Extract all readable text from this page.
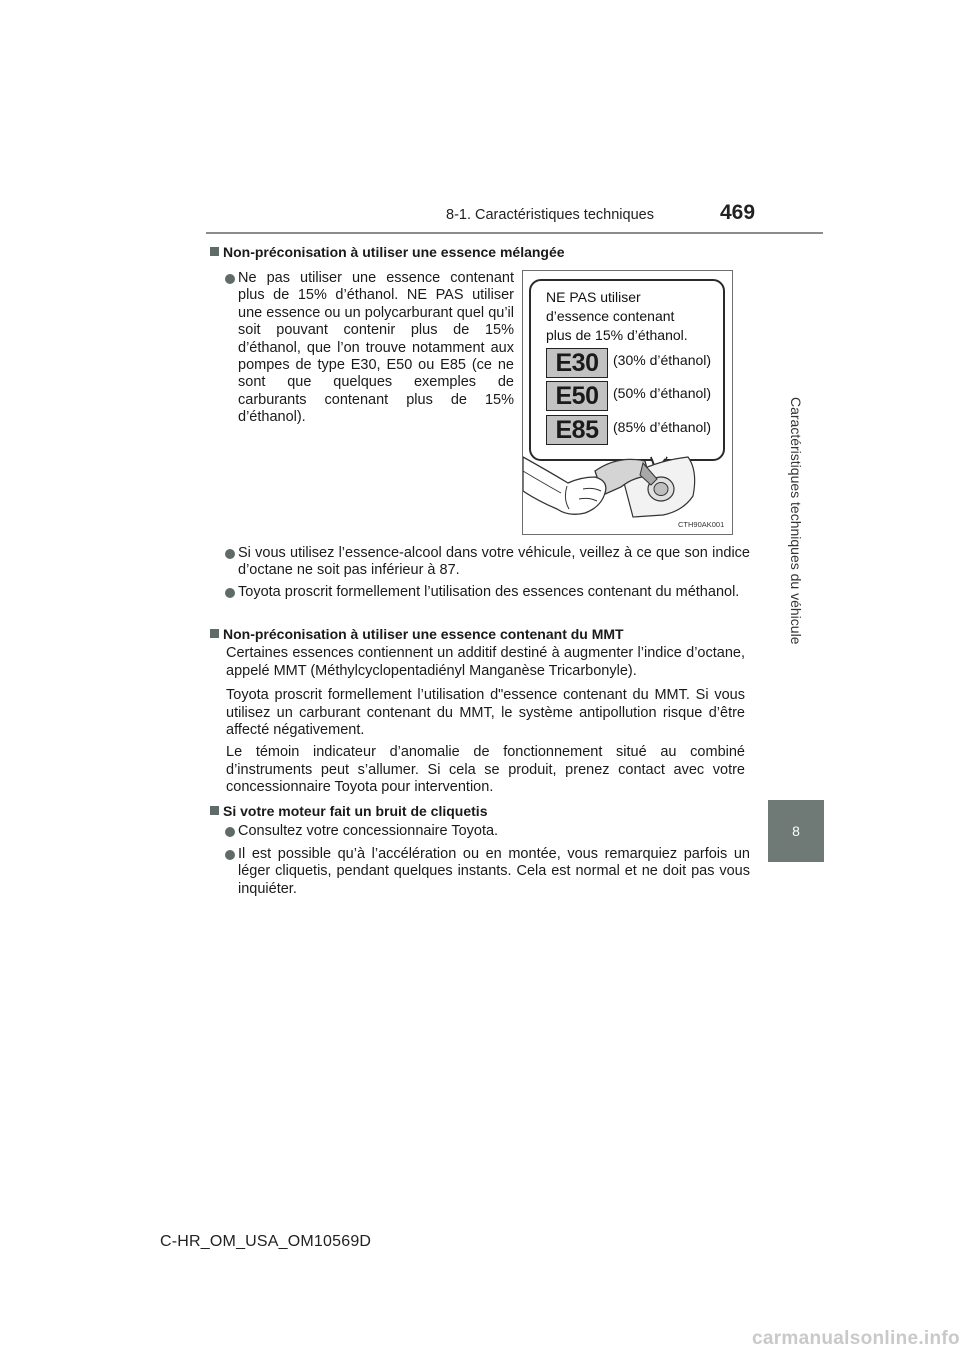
8-1. Caractéristiques techniques	469
Caractéristiques techniques du véhicule
8
Non-préconisation à utiliser une essence mélangée
Ne pas utiliser une essence contenant plus de 15% d’éthanol. NE PAS utiliser une essence ou un polycarburant quel qu’il soit pouvant contenir plus de 15% d’éthanol, que l’on trouve notamment aux pompes de type E30, E50 ou E85 (ce ne sont que quelques exemples de carburants contenant plus de 15% d’éthanol).
NE PAS utiliser
d’essence contenant
plus de 15% d’éthanol.
E30	(30% d’éthanol)
E50	(50% d’éthanol)
E85	(85% d’éthanol)
CTH90AK001
Si vous utilisez l’essence-alcool dans votre véhicule, veillez à ce que son indice d’octane ne soit pas inférieur à 87.
Toyota proscrit formellement l’utilisation des essences contenant du méthanol.
Non-préconisation à utiliser une essence contenant du MMT
Certaines essences contiennent un additif destiné à augmenter l’indice d’octane, appelé MMT (Méthylcyclopentadiényl Manganèse Tricarbonyle).
Toyota proscrit formellement l’utilisation d"essence contenant du MMT. Si vous utilisez un carburant contenant du MMT, le système antipollution risque d’être affecté négativement.
Le témoin indicateur d’anomalie de fonctionnement situé au combiné d’instruments peut s’allumer. Si cela se produit, prenez contact avec votre concessionnaire Toyota pour intervention.
Si votre moteur fait un bruit de cliquetis
Consultez votre concessionnaire Toyota.
Il est possible qu’à l’accélération ou en montée, vous remarquiez parfois un léger cliquetis, pendant quelques instants. Cela est normal et ne doit pas vous inquiéter.
C-HR_OM_USA_OM10569D
carmanualsonline.info
